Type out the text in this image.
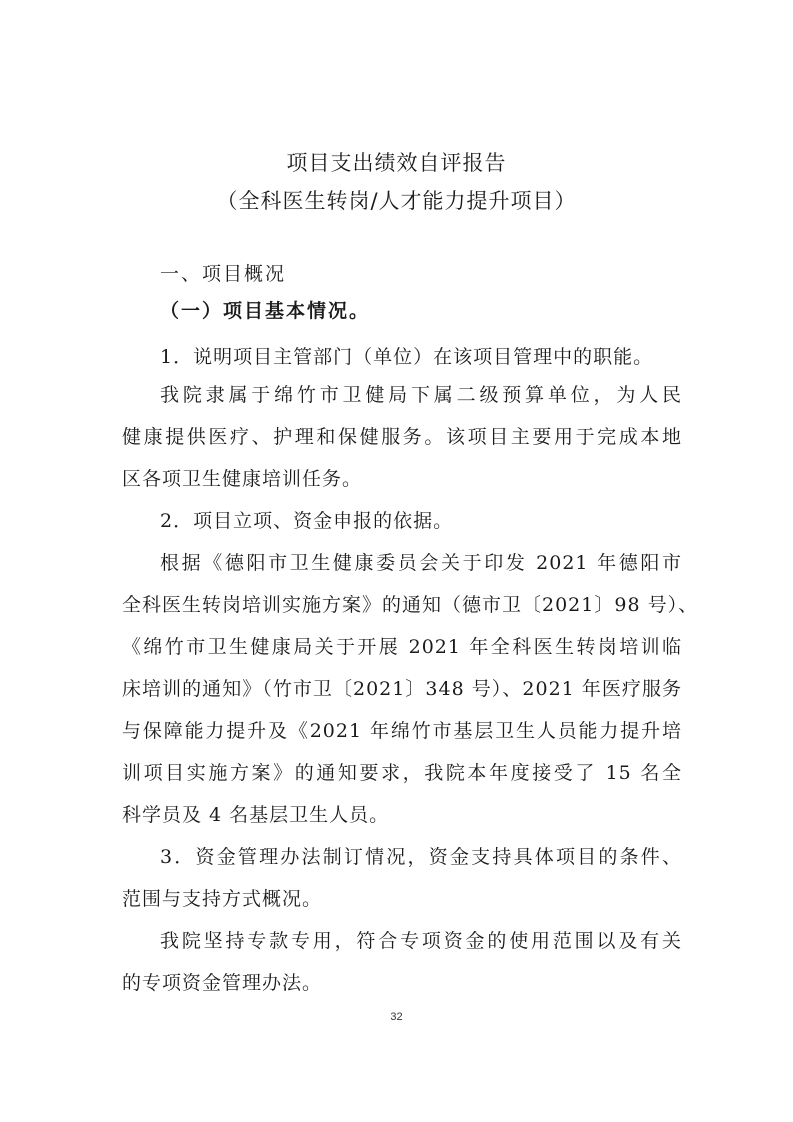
项目支出绩效自评报告
（全科医生转岗/人才能力提升项目）
一、项目概况
（一）项目基本情况。
1．说明项目主管部门（单位）在该项目管理中的职能。
我院隶属于绵竹市卫健局下属二级预算单位，为人民
健康提供医疗、护理和保健服务。该项目主要用于完成本地
区各项卫生健康培训任务。
2．项目立项、资金申报的依据。
根据《德阳市卫生健康委员会关于印发 2021 年德阳市
全科医生转岗培训实施方案》的通知（德市卫〔2021〕98 号）、
《绵竹市卫生健康局关于开展 2021 年全科医生转岗培训临
床培训的通知》（竹市卫〔2021〕348 号）、2021 年医疗服务
与保障能力提升及《2021 年绵竹市基层卫生人员能力提升培
训项目实施方案》的通知要求，我院本年度接受了 15 名全
科学员及 4 名基层卫生人员。
3．资金管理办法制订情况，资金支持具体项目的条件、
范围与支持方式概况。
我院坚持专款专用，符合专项资金的使用范围以及有关
的专项资金管理办法。
32
